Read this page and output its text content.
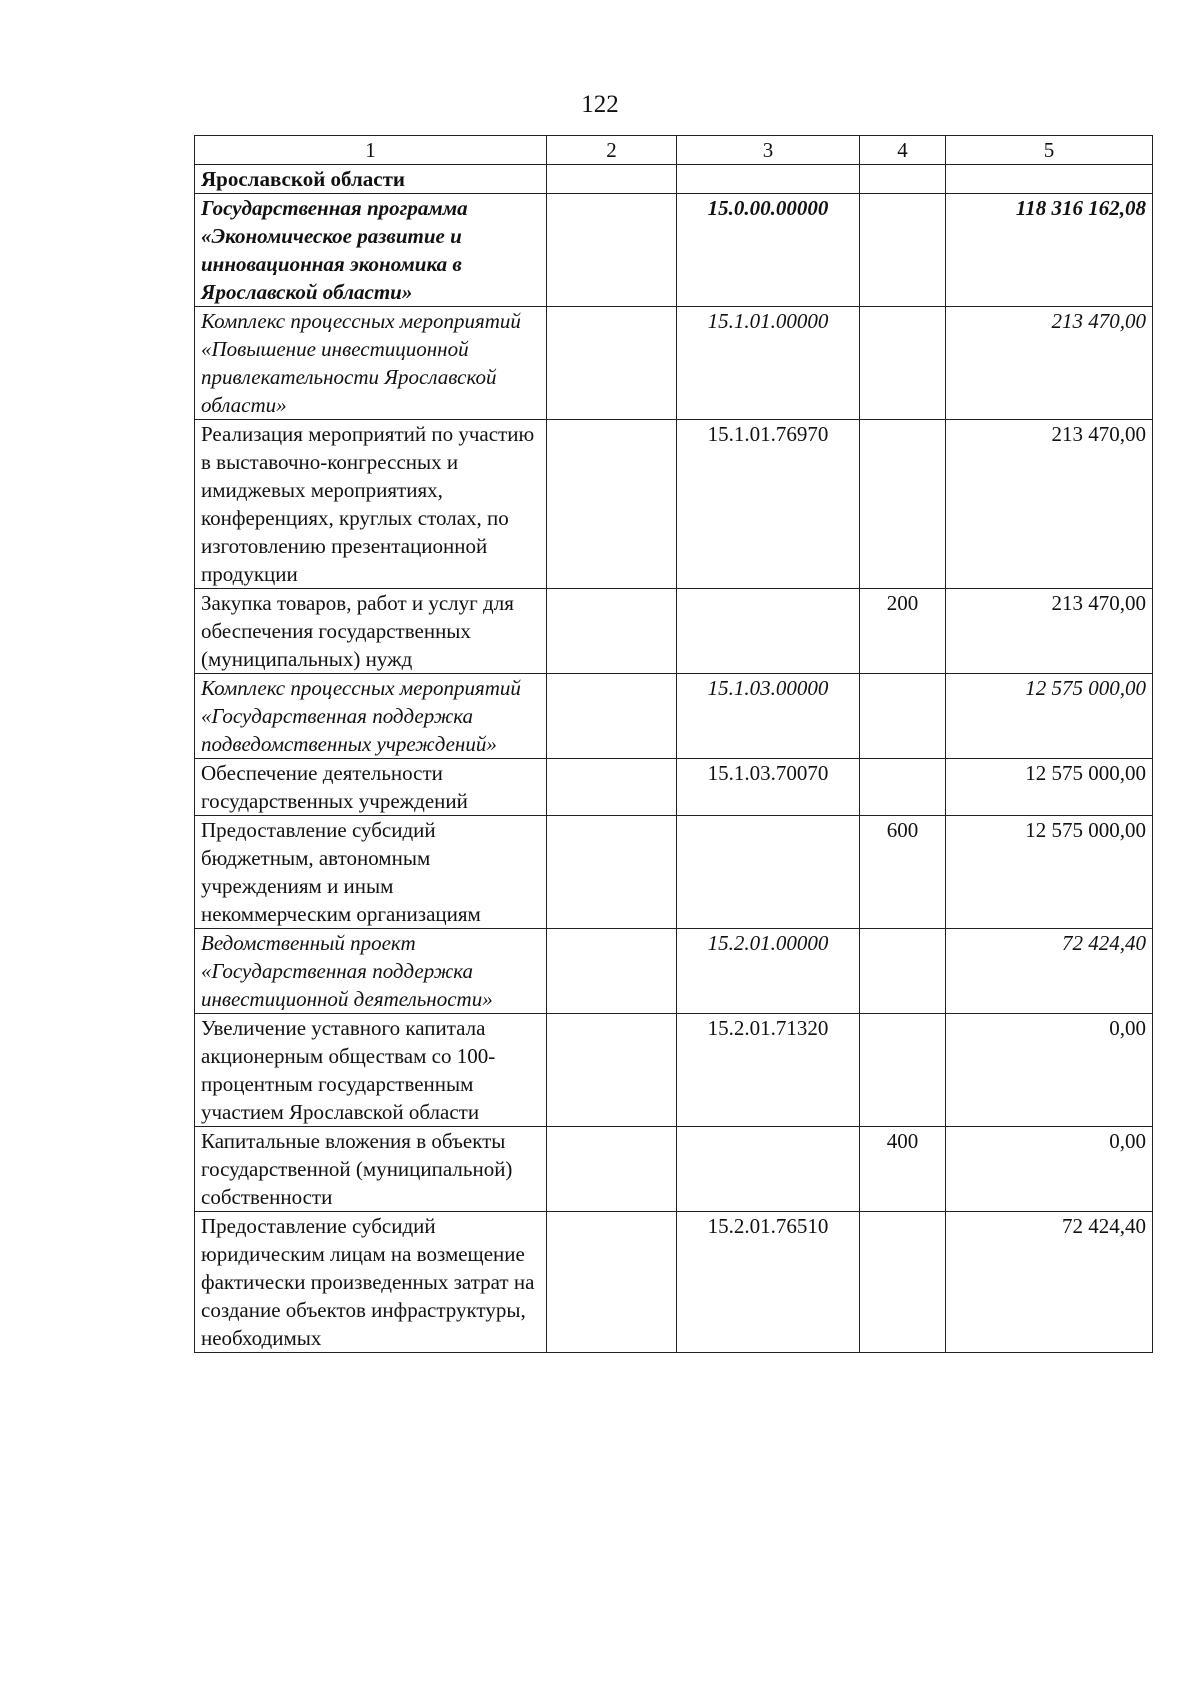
122
1	2	3	4	5
Ярославской области				
Государственная программа «Экономическое развитие и инновационная экономика в Ярославской области»		15.0.00.00000		118 316 162,08
Комплекс процессных мероприятий «Повышение инвестиционной привлекательности Ярославской области»		15.1.01.00000		213 470,00
Реализация мероприятий по участию в выставочно-конгрессных и имиджевых мероприятиях, конференциях, круглых столах, по изготовлению презентационной продукции		15.1.01.76970		213 470,00
Закупка товаров, работ и услуг для обеспечения государственных (муниципальных) нужд			200	213 470,00
Комплекс процессных мероприятий «Государственная поддержка подведомственных учреждений»		15.1.03.00000		12 575 000,00
Обеспечение деятельности государственных учреждений		15.1.03.70070		12 575 000,00
Предоставление субсидий бюджетным, автономным учреждениям и иным некоммерческим организациям			600	12 575 000,00
Ведомственный проект «Государственная поддержка инвестиционной деятельности»		15.2.01.00000		72 424,40
Увеличение уставного капитала акционерным обществам со 100-процентным государственным участием Ярославской области		15.2.01.71320		0,00
Капитальные вложения в объекты государственной (муниципальной) собственности			400	0,00
Предоставление субсидий юридическим лицам на возмещение фактически произведенных затрат на создание объектов инфраструктуры, необходимых		15.2.01.76510		72 424,40
